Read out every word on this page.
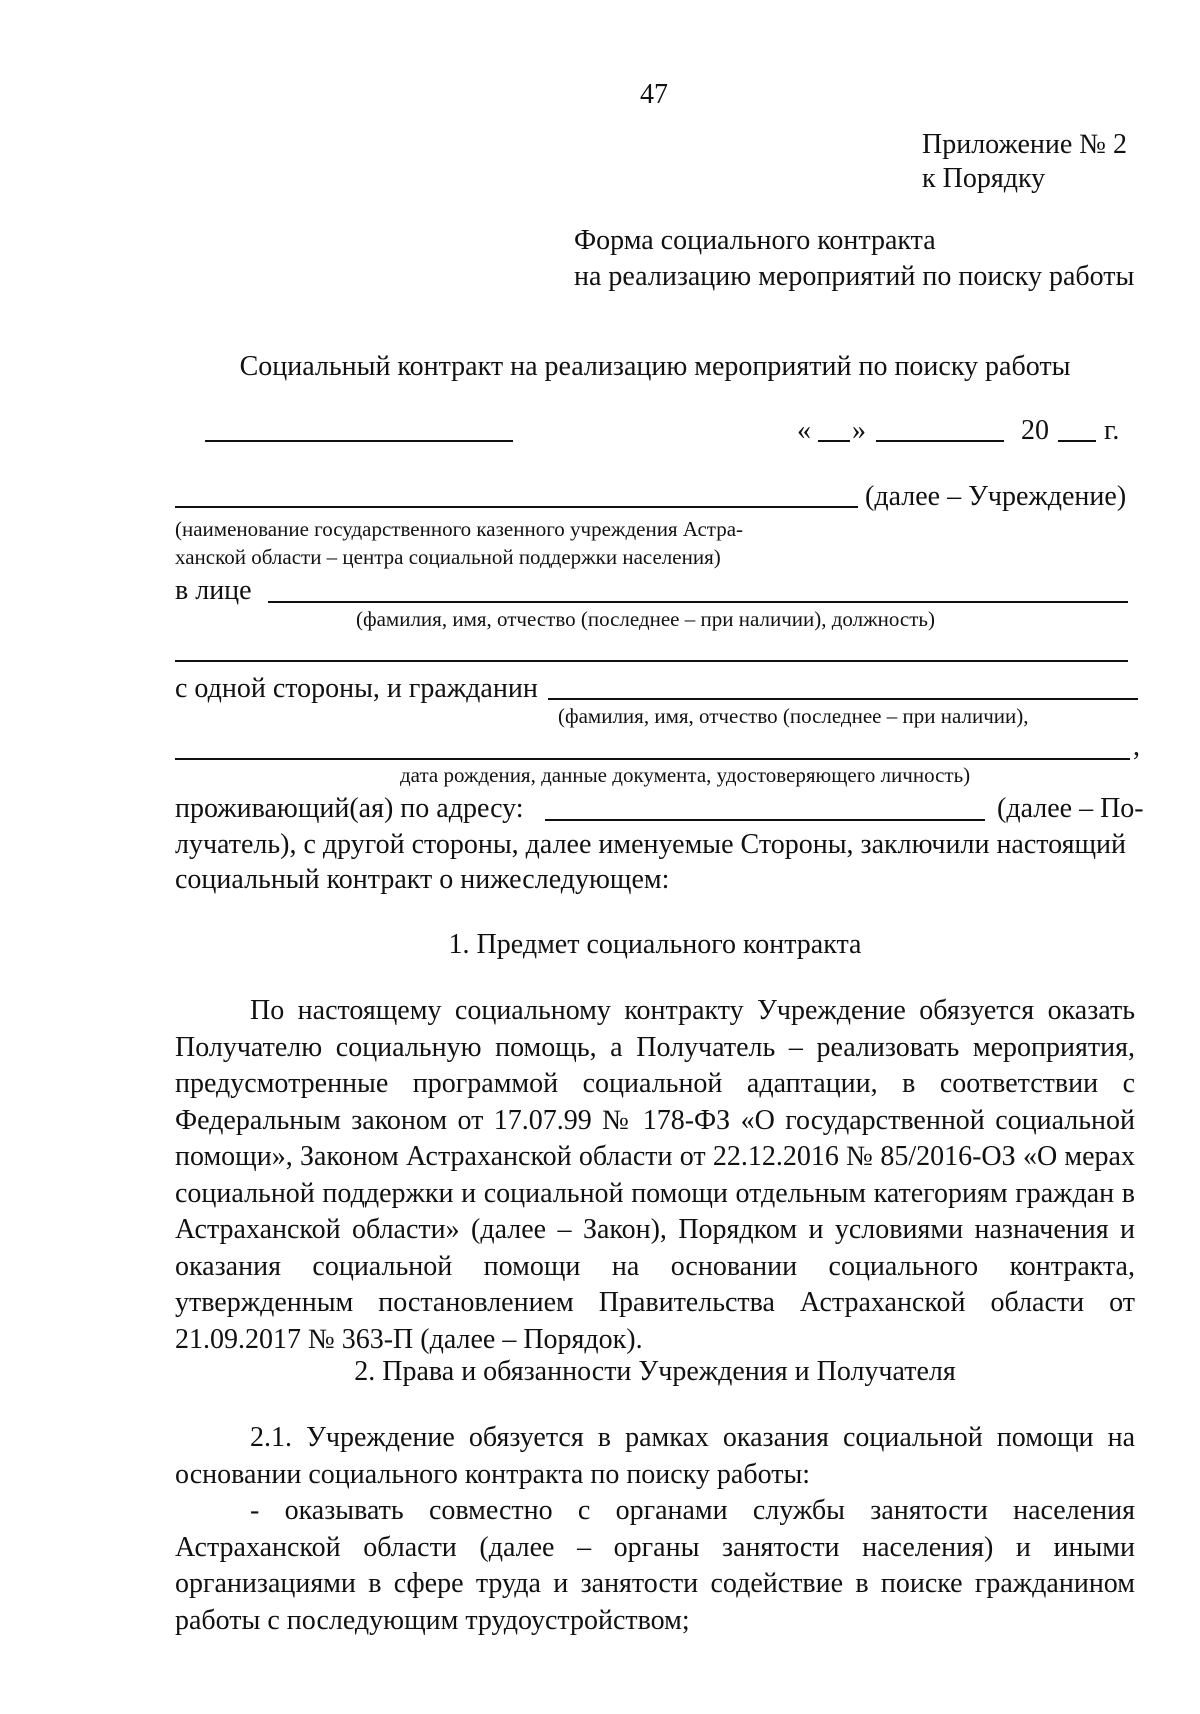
47
Приложение № 2
к Порядку
Форма социального контракта
на реализацию мероприятий по поиску работы
Социальный контракт на реализацию мероприятий по поиску работы
« »	20 г.
(далее – Учреждение)
(наименование государственного казенного учреждения Астра-
ханской области – центра социальной поддержки населения)
в лице
(фамилия, имя, отчество (последнее – при наличии), должность)
с одной стороны, и гражданин
(фамилия, имя, отчество (последнее – при наличии),
,
дата рождения, данные документа, удостоверяющего личность)
проживающий(ая) по адресу:	(далее – По-
лучатель), с другой стороны, далее именуемые Стороны, заключили настоящий
социальный контракт о нижеследующем:
1. Предмет социального контракта
По настоящему социальному контракту Учреждение обязуется оказать Получателю социальную помощь, а Получатель – реализовать мероприятия, предусмотренные программой социальной адаптации, в соответствии с Федеральным законом от 17.07.99 № 178-ФЗ «О государственной социальной помощи», Законом Астраханской области от 22.12.2016 № 85/2016-ОЗ «О мерах социальной поддержки и социальной помощи отдельным категориям граждан в Астраханской области» (далее – Закон), Порядком и условиями назначения и оказания социальной помощи на основании социального контракта, утвержденным постановлением Правительства Астраханской области от 21.09.2017 № 363-П (далее – Порядок).
2. Права и обязанности Учреждения и Получателя
2.1. Учреждение обязуется в рамках оказания социальной помощи на основании социального контракта по поиску работы:
- оказывать совместно с органами службы занятости населения Астраханской области (далее – органы занятости населения) и иными организациями в сфере труда и занятости содействие в поиске гражданином работы с последующим трудоустройством;
